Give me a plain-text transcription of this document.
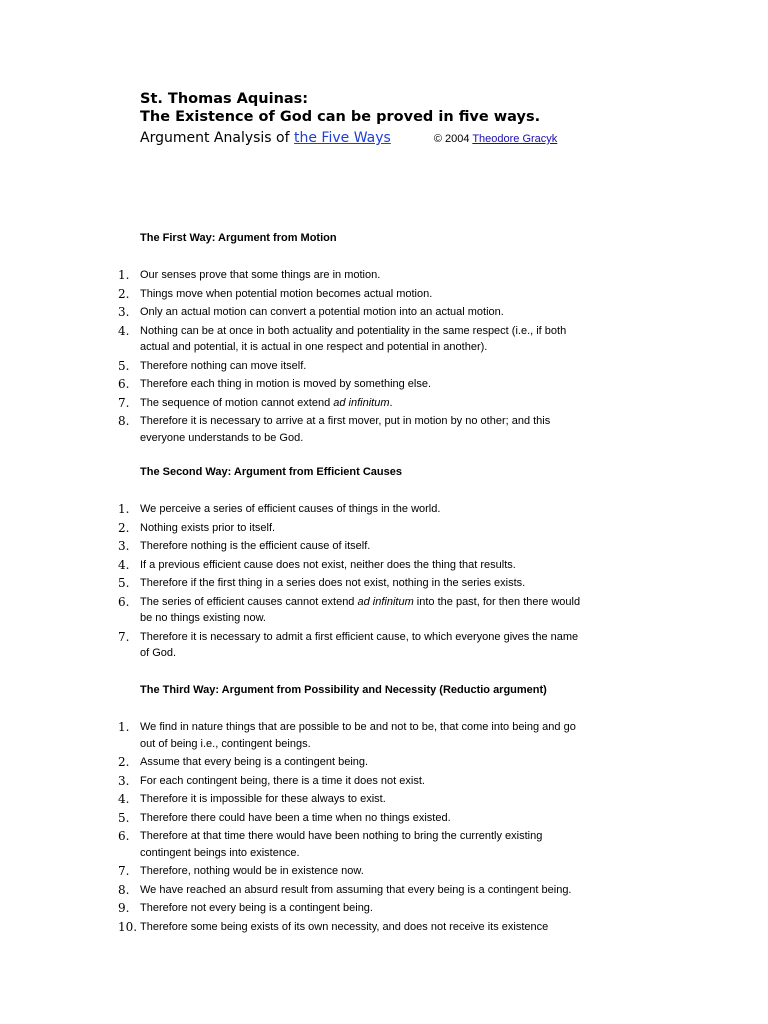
St. Thomas Aquinas:
The Existence of God can be proved in five ways.
Argument Analysis of the Five Ways	© 2004 Theodore Gracyk
The First Way: Argument from Motion
1. Our senses prove that some things are in motion.
2. Things move when potential motion becomes actual motion.
3. Only an actual motion can convert a potential motion into an actual motion.
4. Nothing can be at once in both actuality and potentiality in the same respect (i.e., if both actual and potential, it is actual in one respect and potential in another).
5. Therefore nothing can move itself.
6. Therefore each thing in motion is moved by something else.
7. The sequence of motion cannot extend ad infinitum.
8. Therefore it is necessary to arrive at a first mover, put in motion by no other; and this everyone understands to be God.
The Second Way: Argument from Efficient Causes
1. We perceive a series of efficient causes of things in the world.
2. Nothing exists prior to itself.
3. Therefore nothing is the efficient cause of itself.
4. If a previous efficient cause does not exist, neither does the thing that results.
5. Therefore if the first thing in a series does not exist, nothing in the series exists.
6. The series of efficient causes cannot extend ad infinitum into the past, for then there would be no things existing now.
7. Therefore it is necessary to admit a first efficient cause, to which everyone gives the name of God.
The Third Way: Argument from Possibility and Necessity (Reductio argument)
1. We find in nature things that are possible to be and not to be, that come into being and go out of being i.e., contingent beings.
2. Assume that every being is a contingent being.
3. For each contingent being, there is a time it does not exist.
4. Therefore it is impossible for these always to exist.
5. Therefore there could have been a time when no things existed.
6. Therefore at that time there would have been nothing to bring the currently existing contingent beings into existence.
7. Therefore, nothing would be in existence now.
8. We have reached an absurd result from assuming that every being is a contingent being.
9. Therefore not every being is a contingent being.
10. Therefore some being exists of its own necessity, and does not receive its existence
